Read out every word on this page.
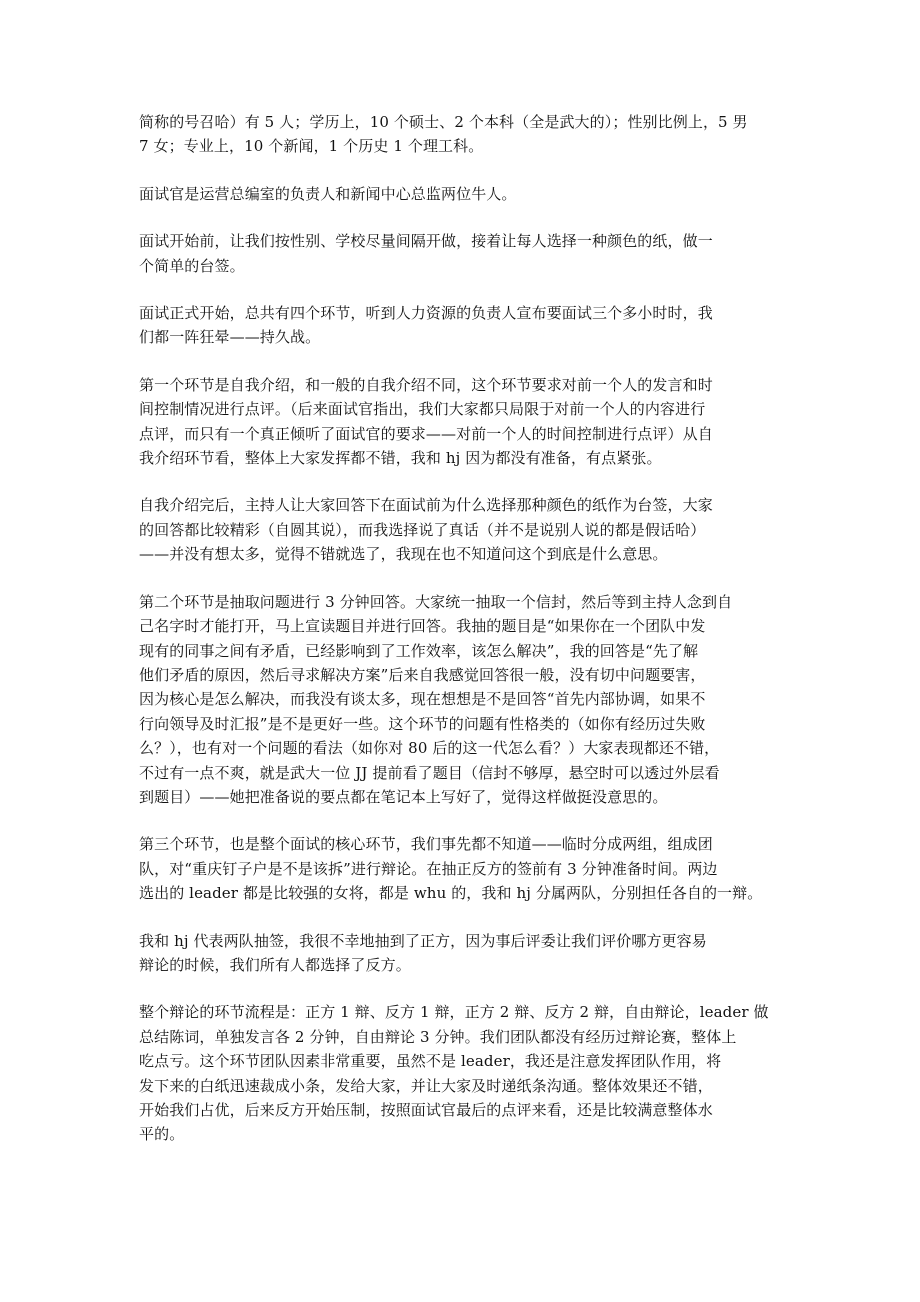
简称的号召哈）有 5 人；学历上，10 个硕士、2 个本科（全是武大的）；性别比例上，5 男
7 女；专业上，10 个新闻，1 个历史 1 个理工科。

面试官是运营总编室的负责人和新闻中心总监两位牛人。

面试开始前，让我们按性别、学校尽量间隔开做，接着让每人选择一种颜色的纸，做一
个简单的台签。

面试正式开始，总共有四个环节，听到人力资源的负责人宣布要面试三个多小时时，我
们都一阵狂晕——持久战。

第一个环节是自我介绍，和一般的自我介绍不同，这个环节要求对前一个人的发言和时
间控制情况进行点评。（后来面试官指出，我们大家都只局限于对前一个人的内容进行
点评，而只有一个真正倾听了面试官的要求——对前一个人的时间控制进行点评）从自
我介绍环节看，整体上大家发挥都不错，我和 hj 因为都没有准备，有点紧张。

自我介绍完后，主持人让大家回答下在面试前为什么选择那种颜色的纸作为台签，大家
的回答都比较精彩（自圆其说），而我选择说了真话（并不是说别人说的都是假话哈）
——并没有想太多，觉得不错就选了，我现在也不知道问这个到底是什么意思。

第二个环节是抽取问题进行 3 分钟回答。大家统一抽取一个信封，然后等到主持人念到自
己名字时才能打开，马上宣读题目并进行回答。我抽的题目是“如果你在一个团队中发
现有的同事之间有矛盾，已经影响到了工作效率，该怎么解决”，我的回答是“先了解
他们矛盾的原因，然后寻求解决方案”后来自我感觉回答很一般，没有切中问题要害，
因为核心是怎么解决，而我没有谈太多，现在想想是不是回答“首先内部协调，如果不
行向领导及时汇报”是不是更好一些。这个环节的问题有性格类的（如你有经历过失败
么？），也有对一个问题的看法（如你对 80 后的这一代怎么看？）大家表现都还不错，
不过有一点不爽，就是武大一位 JJ 提前看了题目（信封不够厚，悬空时可以透过外层看
到题目）——她把准备说的要点都在笔记本上写好了，觉得这样做挺没意思的。

第三个环节，也是整个面试的核心环节，我们事先都不知道——临时分成两组，组成团
队，对“重庆钉子户是不是该拆”进行辩论。在抽正反方的签前有 3 分钟准备时间。两边
选出的 leader 都是比较强的女将，都是 whu 的，我和 hj 分属两队，分别担任各自的一辩。

我和 hj 代表两队抽签，我很不幸地抽到了正方，因为事后评委让我们评价哪方更容易
辩论的时候，我们所有人都选择了反方。

整个辩论的环节流程是：正方 1 辩、反方 1 辩，正方 2 辩、反方 2 辩，自由辩论，leader 做
总结陈词，单独发言各 2 分钟，自由辩论 3 分钟。我们团队都没有经历过辩论赛，整体上
吃点亏。这个环节团队因素非常重要，虽然不是 leader，我还是注意发挥团队作用，将
发下来的白纸迅速裁成小条，发给大家，并让大家及时递纸条沟通。整体效果还不错，
开始我们占优，后来反方开始压制，按照面试官最后的点评来看，还是比较满意整体水
平的。
